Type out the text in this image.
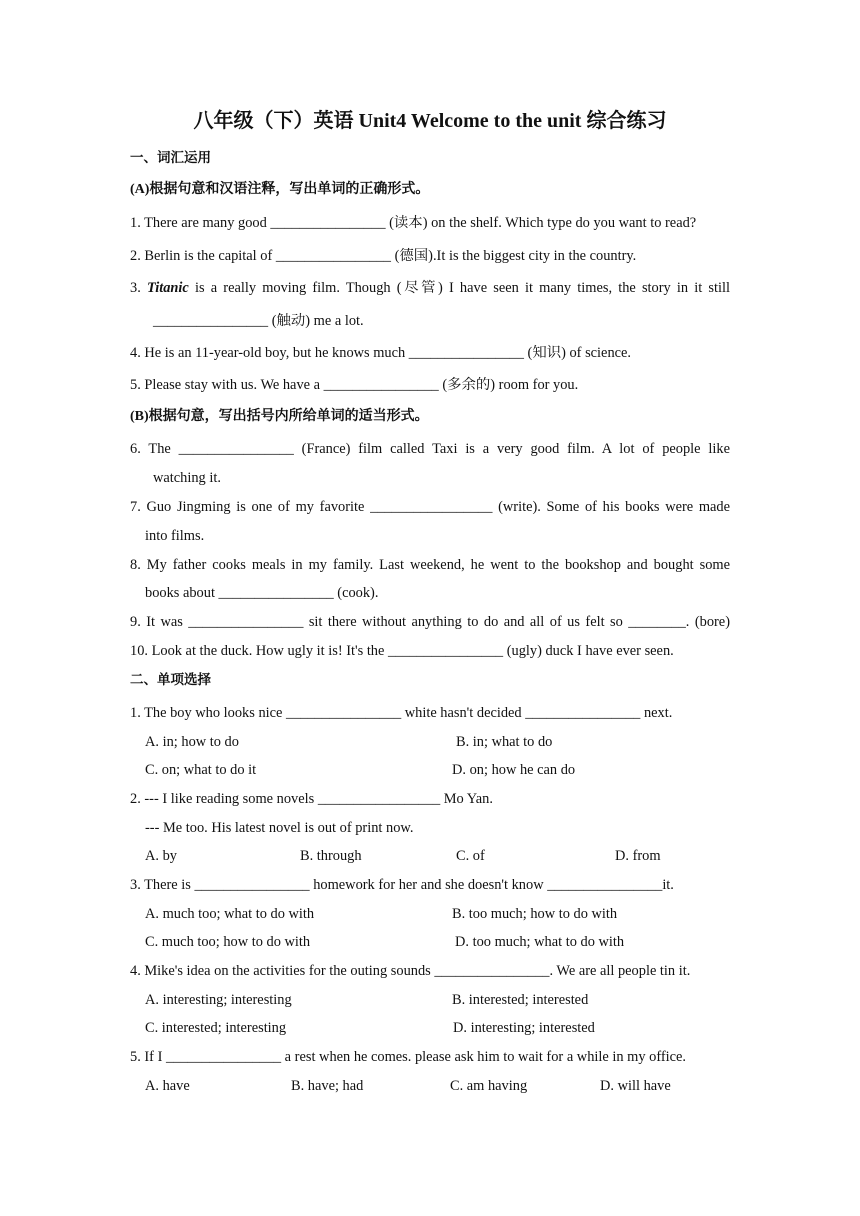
八年级（下）英语 Unit4 Welcome to the unit 综合练习
一、词汇运用
(A)根据句意和汉语注释，写出单词的正确形式。
1. There are many good ________________ (读本) on the shelf. Which type do you want to read?
2. Berlin is the capital of ________________ (德国).It is the biggest city in the country.
3. Titanic is a really moving film. Though (尽管) I have seen it many times, the story in it still
________________ (触动) me a lot.
4. He is an 11-year-old boy, but he knows much ________________ (知识) of science.
5. Please stay with us. We have a ________________ (多余的) room for you.
(B)根据句意，写出括号内所给单词的适当形式。
6. The ________________ (France) film called Taxi is a very good film. A lot of people like
watching it.
7. Guo Jingming is one of my favorite _________________ (write). Some of his books were made
into films.
8. My father cooks meals in my family. Last weekend, he went to the bookshop and bought some
books about ________________ (cook).
9. It was ________________ sit there without anything to do and all of us felt so ________. (bore)
10. Look at the duck. How ugly it is! It's the ________________ (ugly) duck I have ever seen.
二、单项选择
1. The boy who looks nice ________________ white hasn't decided ________________ next.
A. in; how to do	B. in; what to do
C. on; what to do it	D. on; how he can do
2. --- I like reading some novels _________________ Mo Yan.
--- Me too. His latest novel is out of print now.
A. by	B. through	C. of	D. from
3. There is ________________ homework for her and she doesn't know ________________it.
A. much too; what to do with	B. too much; how to do with
C. much too; how to do with	D. too much; what to do with
4. Mike's idea on the activities for the outing sounds ________________. We are all people tin it.
A. interesting; interesting	B. interested; interested
C. interested; interesting	D. interesting; interested
5. If I ________________ a rest when he comes. please ask him to wait for a while in my office.
A. have	B. have; had	C. am having	D. will have
